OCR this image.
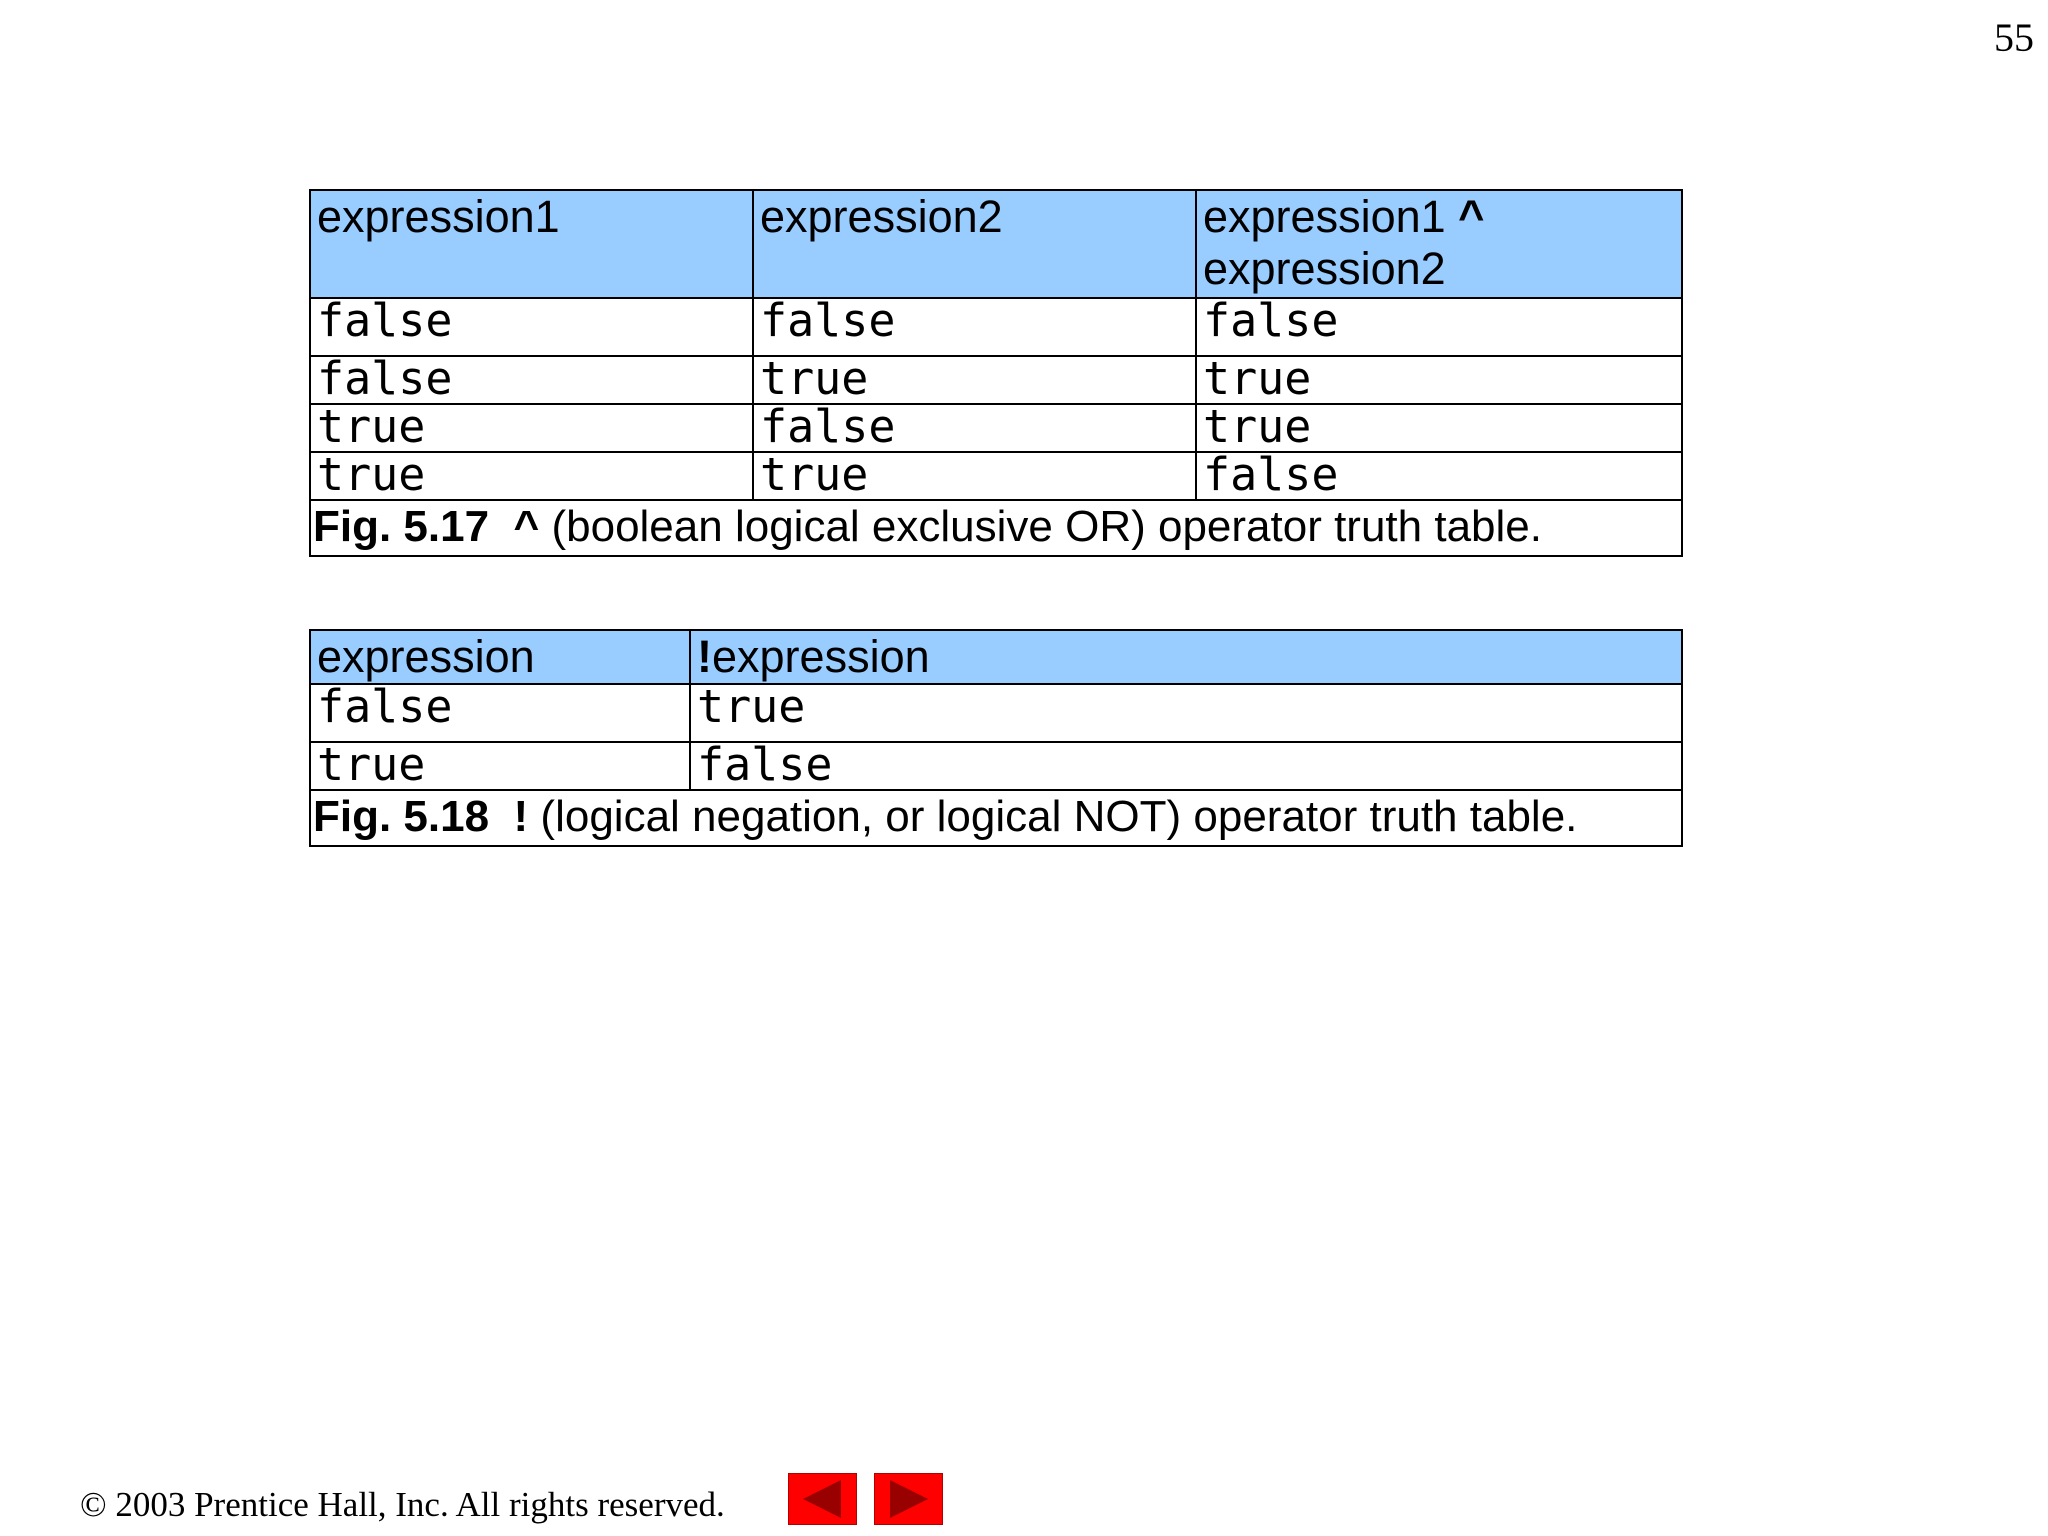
55
expression1	expression2	expression1 ^
expression2
false	false	false
false	true	true
true	false	true
true	true	false
Fig. 5.17 ^ (boolean logical exclusive OR) operator truth table.		
expression	!expression
false	true
true	false
Fig. 5.18 ! (logical negation, or logical NOT) operator truth table.	
© 2003 Prentice Hall, Inc. All rights reserved.
